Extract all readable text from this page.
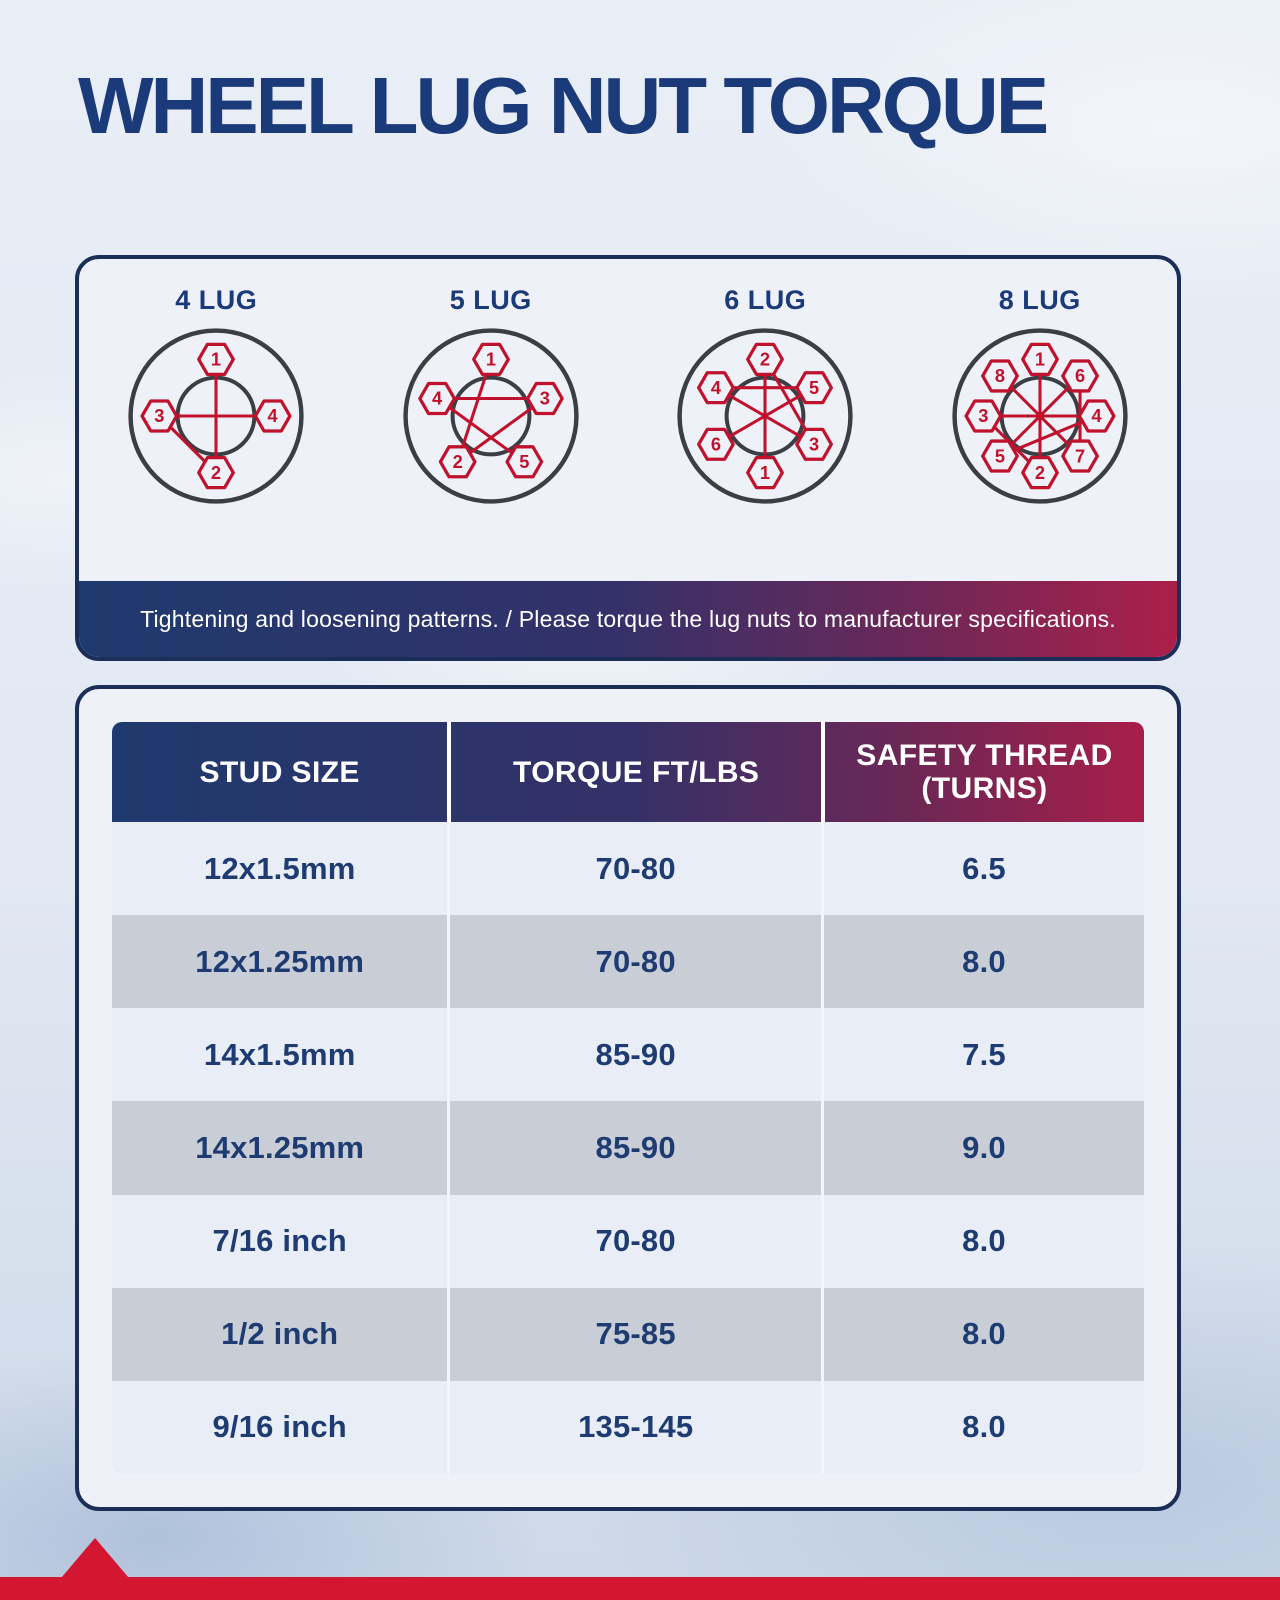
WHEEL LUG NUT TORQUE
4 LUG
1
2
3	4
5 LUG
1
2
3
4
5
6 LUG
1
2
3
4	5
6
8 LUG
1
2
3	4
5
6
7
8
Tightening and loosening patterns. / Please torque the lug nuts to manufacturer specifications.
STUD SIZE	TORQUE FT/LBS	SAFETY THREAD
(TURNS)
12x1.5mm	70-80	6.5
12x1.25mm	70-80	8.0
14x1.5mm	85-90	7.5
14x1.25mm	85-90	9.0
7/16 inch	70-80	8.0
1/2 inch	75-85	8.0
9/16 inch	135-145	8.0
